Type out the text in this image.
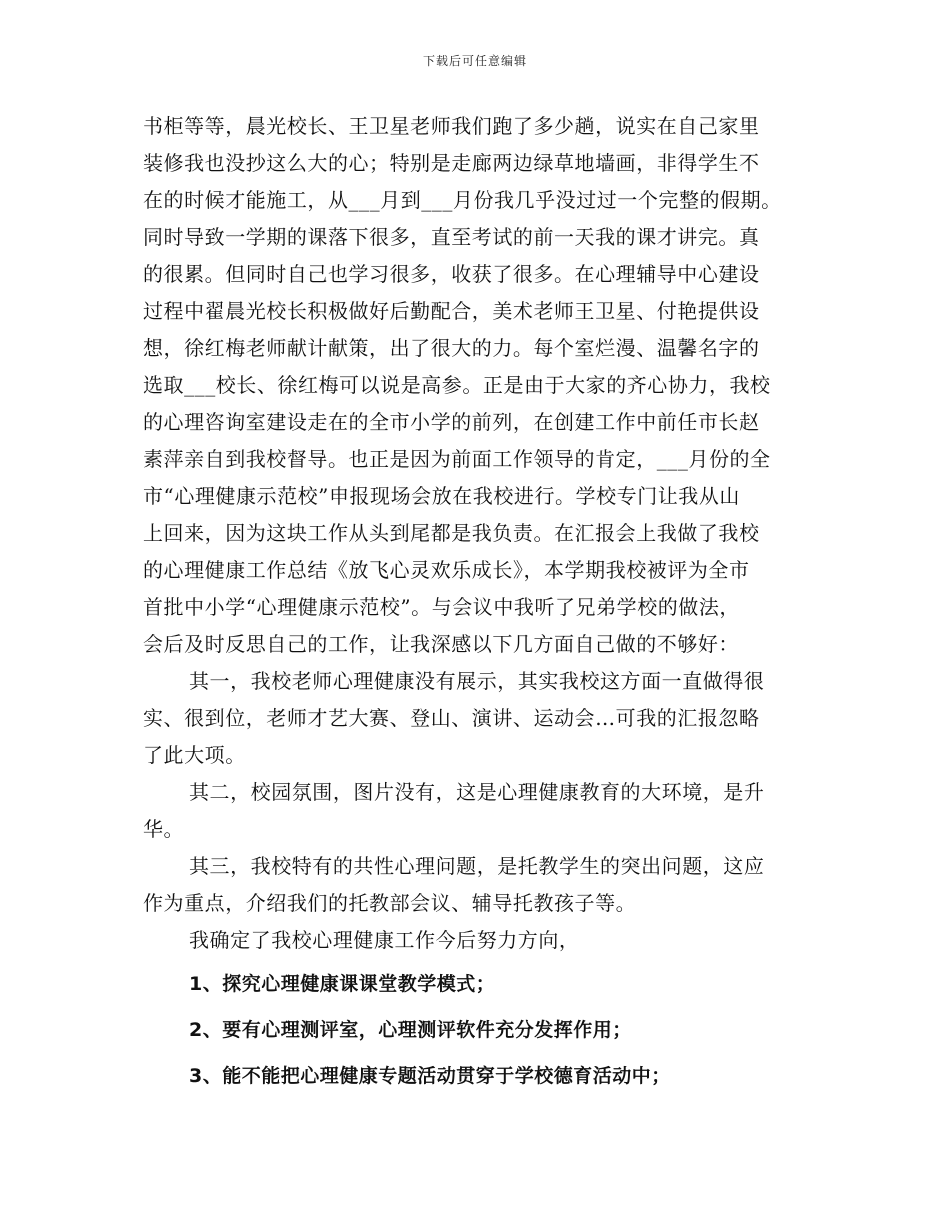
下载后可任意编辑
书柜等等，晨光校长、王卫星老师我们跑了多少趟，说实在自己家里
装修我也没抄这么大的心；特别是走廊两边绿草地墙画，非得学生不
在的时候才能施工，从___月到___月份我几乎没过过一个完整的假期。
同时导致一学期的课落下很多，直至考试的前一天我的课才讲完。真
的很累。但同时自己也学习很多，收获了很多。在心理辅导中心建设
过程中翟晨光校长积极做好后勤配合，美术老师王卫星、付艳提供设
想，徐红梅老师献计献策，出了很大的力。每个室烂漫、温馨名字的
选取___校长、徐红梅可以说是高参。正是由于大家的齐心协力，我校
的心理咨询室建设走在的全市小学的前列，在创建工作中前任市长赵
素萍亲自到我校督导。也正是因为前面工作领导的肯定，___月份的全
市“心理健康示范校”申报现场会放在我校进行。学校专门让我从山
上回来，因为这块工作从头到尾都是我负责。在汇报会上我做了我校
的心理健康工作总结《放飞心灵欢乐成长》，本学期我校被评为全市
首批中小学“心理健康示范校”。与会议中我听了兄弟学校的做法，
会后及时反思自己的工作，让我深感以下几方面自己做的不够好：
其一，我校老师心理健康没有展示，其实我校这方面一直做得很
实、很到位，老师才艺大赛、登山、演讲、运动会…可我的汇报忽略
了此大项。
其二，校园氛围，图片没有，这是心理健康教育的大环境，是升
华。
其三，我校特有的共性心理问题，是托教学生的突出问题，这应
作为重点，介绍我们的托教部会议、辅导托教孩子等。
我确定了我校心理健康工作今后努力方向，
1、探究心理健康课课堂教学模式；
2、要有心理测评室，心理测评软件充分发挥作用；
3、能不能把心理健康专题活动贯穿于学校德育活动中；
